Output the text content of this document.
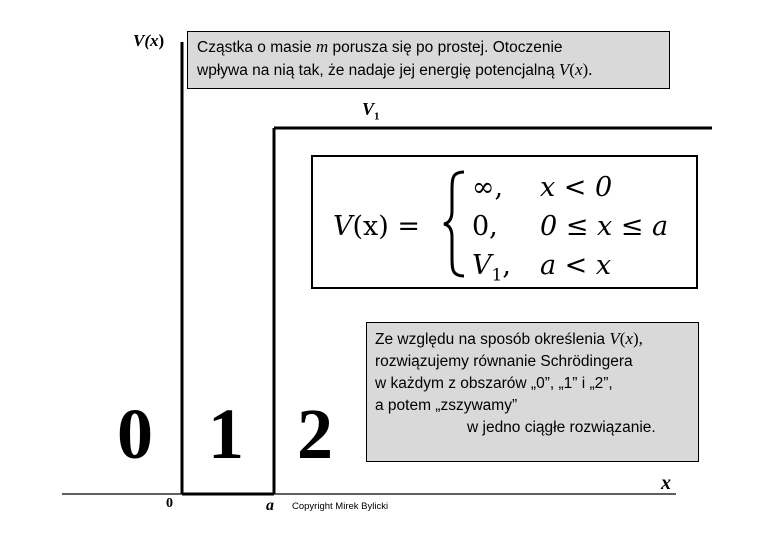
V(x)
$V_1$
x
0	a Copyright Mirek Bylicki
Cząstka o masie m porusza się po prostej. Otoczenie
wpływa na nią tak, że nadaje jej energię potencjalną V(x).
V(x) =
∞, x < 0
0, 0 ≤ x ≤ a
$V_1$, a < x
Ze względu na sposób określenia V(x),
rozwiązujemy równanie Schrödingera
w każdym z obszarów „0”, „1” i „2”,
a potem „zszywamy”
w jedno ciągłe rozwiązanie.
0 1 2
